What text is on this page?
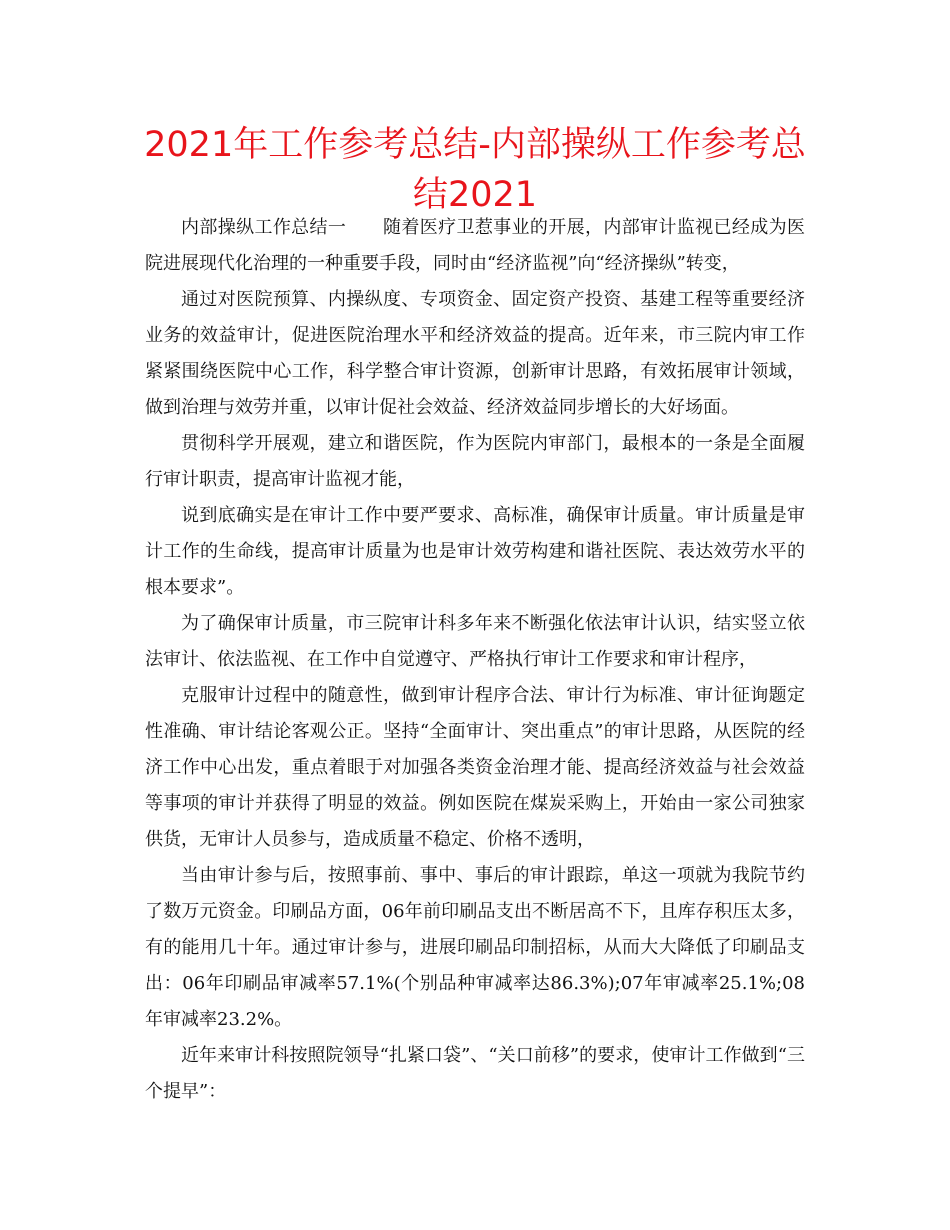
2021年工作参考总结-内部操纵工作参考总结2021

内部操纵工作总结一　　随着医疗卫惹事业的开展，内部审计监视已经成为医院进展现代化治理的一种重要手段，同时由“经济监视”向“经济操纵”转变，

通过对医院预算、内操纵度、专项资金、固定资产投资、基建工程等重要经济业务的效益审计，促进医院治理水平和经济效益的提高。近年来，市三院内审工作紧紧围绕医院中心工作，科学整合审计资源，创新审计思路，有效拓展审计领域，做到治理与效劳并重，以审计促社会效益、经济效益同步增长的大好场面。

贯彻科学开展观，建立和谐医院，作为医院内审部门，最根本的一条是全面履行审计职责，提高审计监视才能，

说到底确实是在审计工作中要严要求、高标准，确保审计质量。审计质量是审计工作的生命线，提高审计质量为也是审计效劳构建和谐社医院、表达效劳水平的根本要求”。

为了确保审计质量，市三院审计科多年来不断强化依法审计认识，结实竖立依法审计、依法监视、在工作中自觉遵守、严格执行审计工作要求和审计程序，

克服审计过程中的随意性，做到审计程序合法、审计行为标准、审计征询题定性准确、审计结论客观公正。坚持“全面审计、突出重点”的审计思路，从医院的经济工作中心出发，重点着眼于对加强各类资金治理才能、提高经济效益与社会效益等事项的审计并获得了明显的效益。例如医院在煤炭采购上，开始由一家公司独家供货，无审计人员参与，造成质量不稳定、价格不透明，

当由审计参与后，按照事前、事中、事后的审计跟踪，单这一项就为我院节约了数万元资金。印刷品方面，06年前印刷品支出不断居高不下，且库存积压太多，有的能用几十年。通过审计参与，进展印刷品印制招标，从而大大降低了印刷品支出：06年印刷品审减率57.1%(个别品种审减率达86.3%);07年审减率25.1%;08年审减率23.2%。

近年来审计科按照院领导“扎紧口袋”、“关口前移”的要求，使审计工作做到“三个提早”：
